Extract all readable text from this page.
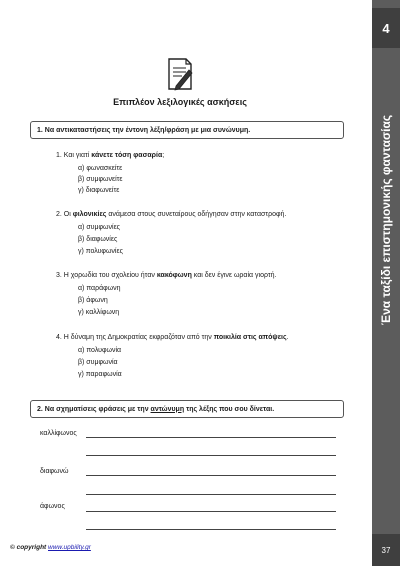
4
Ένα ταξίδι επιστημονικής φαντασίας
37
Επιπλέον λεξιλογικές ασκήσεις
1. Να αντικαταστήσεις την έντονη λέξη/φράση με μια συνώνυμη.
1. Και γιατί κάνετε τόση φασαρία;
α) φωνασκείτε
β) συμφωνείτε
γ) διαφωνείτε
2. Οι φιλονικίες ανάμεσα στους συνεταίρους οδήγησαν στην καταστροφή.
α) συμφωνίες
β) διαφωνίες
γ) πολυφωνίες
3. Η χορωδία του σχολείου ήταν κακόφωνη και δεν έγινε ωραία γιορτή.
α) παράφωνη
β) άφωνη
γ) καλλίφωνη
4. Η δύναμη της Δημοκρατίας εκφραζόταν από την ποικιλία στις απόψεις.
α) πολυφωνία
β) συμφωνία
γ) παραφωνία
2. Να σχηματίσεις φράσεις με την αντώνυμη της λέξης που σου δίνεται.
καλλίφωνος
διαφωνώ
άφωνος
© copyright www.upbility.gr
